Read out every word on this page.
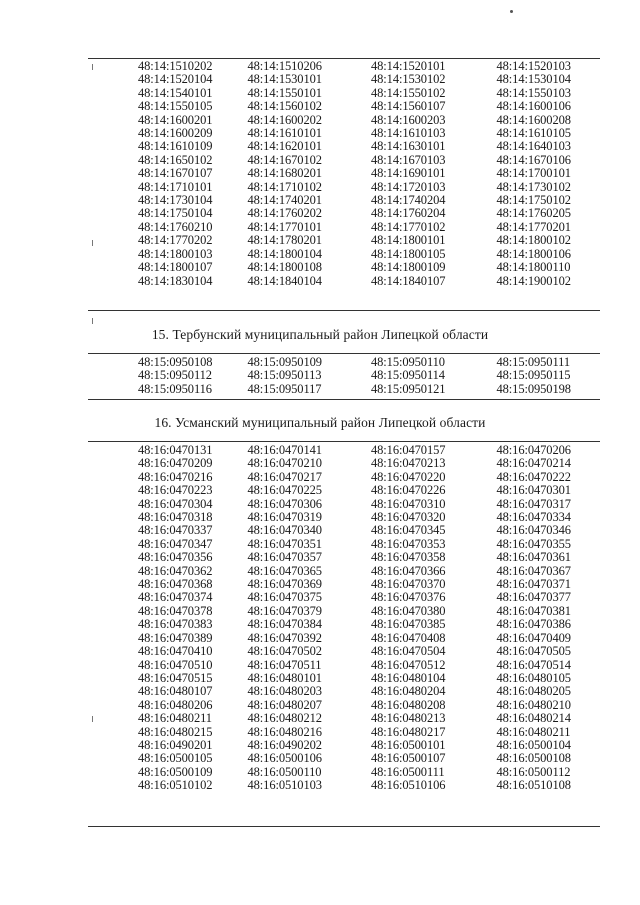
48:14:1510202	48:14:1510206	48:14:1520101	48:14:1520103
48:14:1520104	48:14:1530101	48:14:1530102	48:14:1530104
48:14:1540101	48:14:1550101	48:14:1550102	48:14:1550103
48:14:1550105	48:14:1560102	48:14:1560107	48:14:1600106
48:14:1600201	48:14:1600202	48:14:1600203	48:14:1600208
48:14:1600209	48:14:1610101	48:14:1610103	48:14:1610105
48:14:1610109	48:14:1620101	48:14:1630101	48:14:1640103
48:14:1650102	48:14:1670102	48:14:1670103	48:14:1670106
48:14:1670107	48:14:1680201	48:14:1690101	48:14:1700101
48:14:1710101	48:14:1710102	48:14:1720103	48:14:1730102
48:14:1730104	48:14:1740201	48:14:1740204	48:14:1750102
48:14:1750104	48:14:1760202	48:14:1760204	48:14:1760205
48:14:1760210	48:14:1770101	48:14:1770102	48:14:1770201
48:14:1770202	48:14:1780201	48:14:1800101	48:14:1800102
48:14:1800103	48:14:1800104	48:14:1800105	48:14:1800106
48:14:1800107	48:14:1800108	48:14:1800109	48:14:1800110
48:14:1830104	48:14:1840104	48:14:1840107	48:14:1900102
15. Тербунский муниципальный район Липецкой области
48:15:0950108	48:15:0950109	48:15:0950110	48:15:0950111
48:15:0950112	48:15:0950113	48:15:0950114	48:15:0950115
48:15:0950116	48:15:0950117	48:15:0950121	48:15:0950198
16. Усманский муниципальный район Липецкой области
48:16:0470131	48:16:0470141	48:16:0470157	48:16:0470206
48:16:0470209	48:16:0470210	48:16:0470213	48:16:0470214
48:16:0470216	48:16:0470217	48:16:0470220	48:16:0470222
48:16:0470223	48:16:0470225	48:16:0470226	48:16:0470301
48:16:0470304	48:16:0470306	48:16:0470310	48:16:0470317
48:16:0470318	48:16:0470319	48:16:0470320	48:16:0470334
48:16:0470337	48:16:0470340	48:16:0470345	48:16:0470346
48:16:0470347	48:16:0470351	48:16:0470353	48:16:0470355
48:16:0470356	48:16:0470357	48:16:0470358	48:16:0470361
48:16:0470362	48:16:0470365	48:16:0470366	48:16:0470367
48:16:0470368	48:16:0470369	48:16:0470370	48:16:0470371
48:16:0470374	48:16:0470375	48:16:0470376	48:16:0470377
48:16:0470378	48:16:0470379	48:16:0470380	48:16:0470381
48:16:0470383	48:16:0470384	48:16:0470385	48:16:0470386
48:16:0470389	48:16:0470392	48:16:0470408	48:16:0470409
48:16:0470410	48:16:0470502	48:16:0470504	48:16:0470505
48:16:0470510	48:16:0470511	48:16:0470512	48:16:0470514
48:16:0470515	48:16:0480101	48:16:0480104	48:16:0480105
48:16:0480107	48:16:0480203	48:16:0480204	48:16:0480205
48:16:0480206	48:16:0480207	48:16:0480208	48:16:0480210
48:16:0480211	48:16:0480212	48:16:0480213	48:16:0480214
48:16:0480215	48:16:0480216	48:16:0480217	48:16:0480211
48:16:0490201	48:16:0490202	48:16:0500101	48:16:0500104
48:16:0500105	48:16:0500106	48:16:0500107	48:16:0500108
48:16:0500109	48:16:0500110	48:16:0500111	48:16:0500112
48:16:0510102	48:16:0510103	48:16:0510106	48:16:0510108
